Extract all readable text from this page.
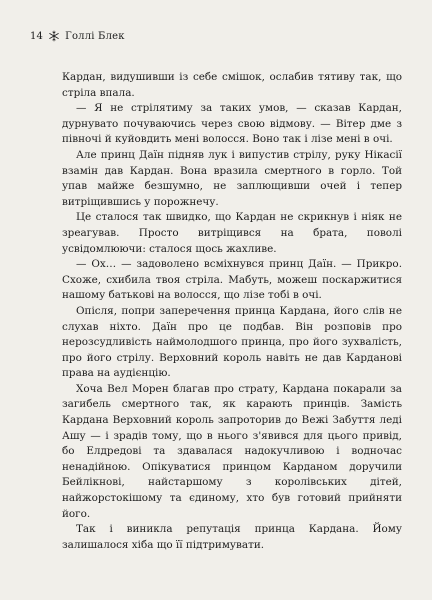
14 Голлі Блек

Кардан, видушивши із себе смішок, ослабив тятиву так, що стріла впала.

— Я не стрілятиму за таких умов, — сказав Кардан, дурнувато почуваючись через свою відмову. — Вітер дме з півночі й куйовдить мені волосся. Воно так і лізе мені в очі.

Але принц Даїн підняв лук і випустив стрілу, руку Нікасії взамін дав Кардан. Вона вразила смертного в горло. Той упав майже безшумно, не заплющивши очей і тепер витріщившись у порожнечу.

Це сталося так швидко, що Кардан не скрикнув і ніяк не зреагував. Просто витріщився на брата, поволі усвідомлюючи: сталося щось жахливе.

— Ох… — задоволено всміхнувся принц Даїн. — Прикро. Схоже, схибила твоя стріла. Мабуть, можеш поскаржитися нашому батькові на волосся, що лізе тобі в очі.

Опісля, попри заперечення принца Кардана, його слів не слухав ніхто. Даїн про це подбав. Він розповів про нерозсудливість наймолодшого принца, про його зухвалість, про його стрілу. Верховний король навіть не дав Карданові права на аудієнцію.

Хоча Вел Морен благав про страту, Кардана покарали за загибель смертного так, як карають принців. Замість Кардана Верховний король запроторив до Вежі Забуття леді Ашу — і зрадів тому, що в нього з'явився для цього привід, бо Елдредові та здавалася надокучливою і водночас ненадійною. Опікуватися принцом Карданом доручили Бейлікнові, найстаршому з королівських дітей, найжорстокішому та єдиному, хто був готовий прийняти його.

Так і виникла репутація принца Кардана. Йому залишалося хіба що її підтримувати.
